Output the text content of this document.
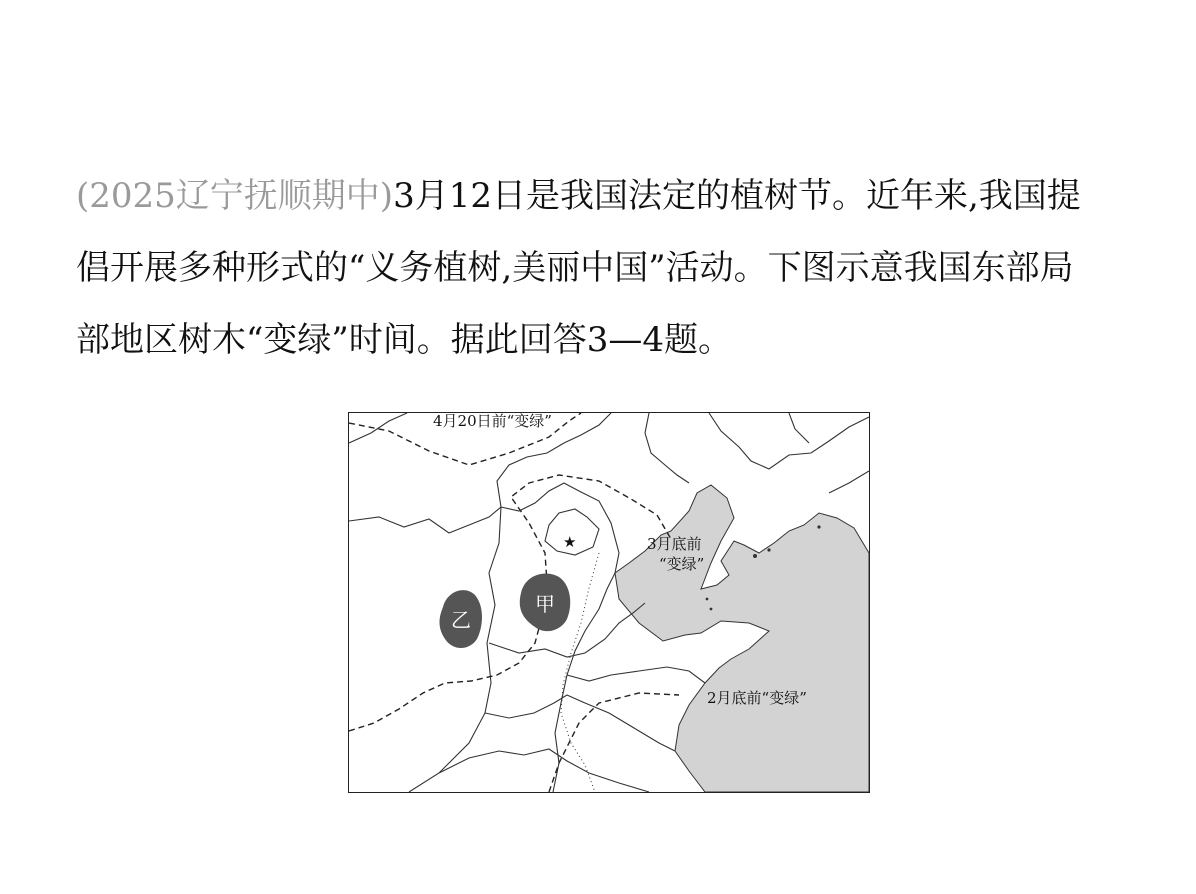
(2025辽宁抚顺期中)3月12日是我国法定的植树节。近年来,我国提倡开展多种形式的“义务植树,美丽中国”活动。下图示意我国东部局部地区树木“变绿”时间。据此回答3—4题。
4月20日前“变绿”
3月底前
“变绿”
2月底前“变绿”
甲
乙
★
